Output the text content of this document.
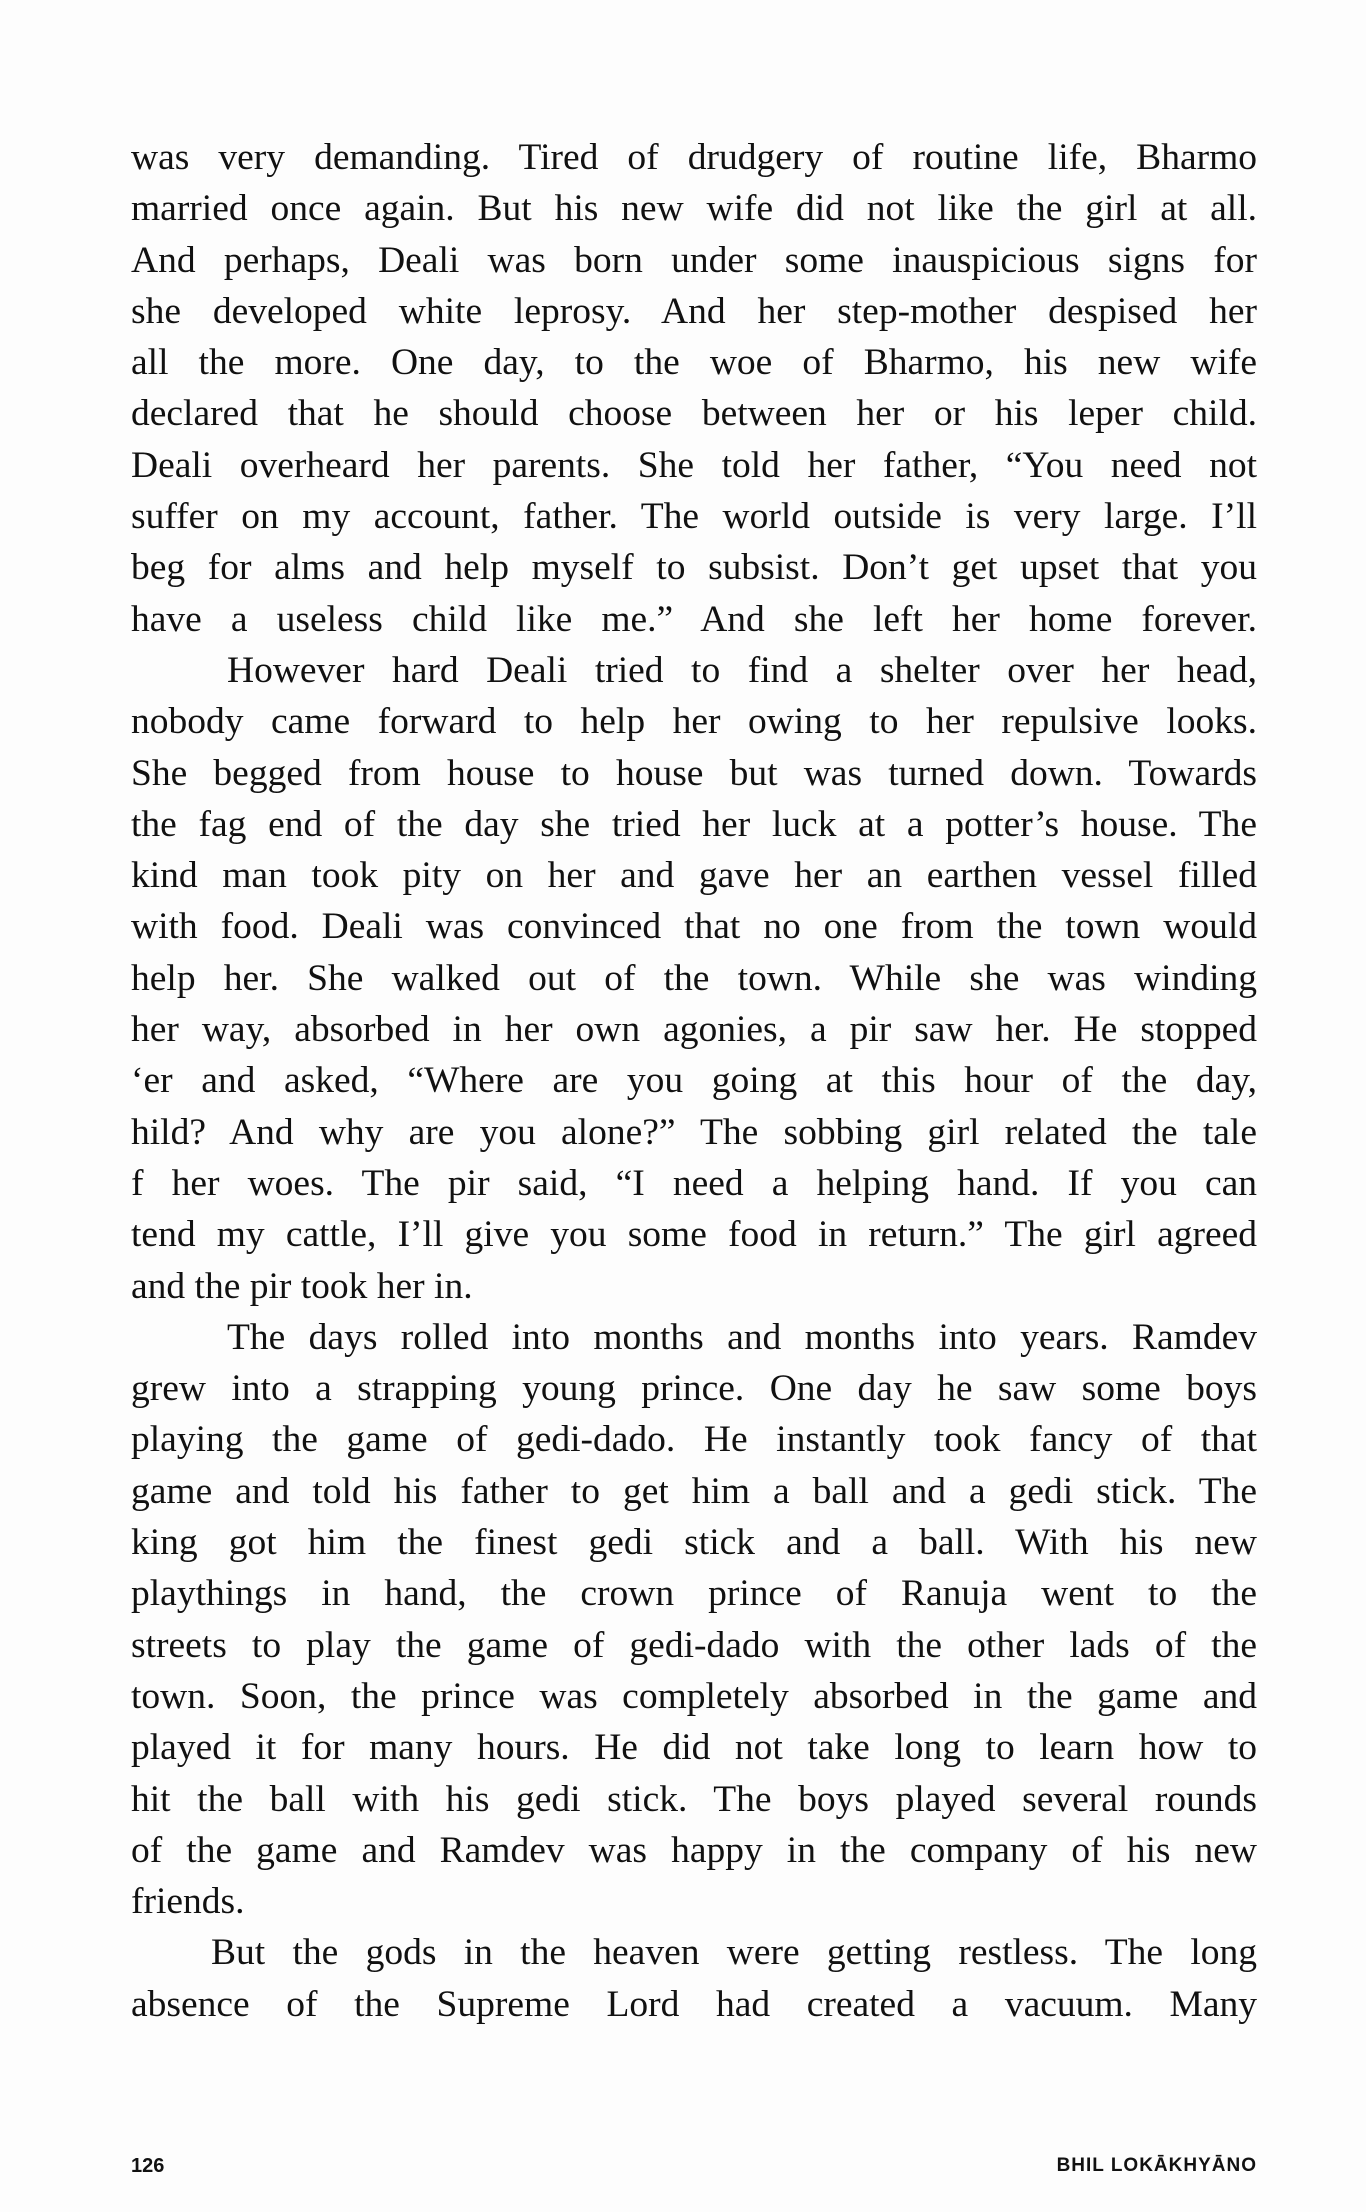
was very demanding. Tired of drudgery of routine life, Bharmo
married once again. But his new wife did not like the girl at all.
And perhaps, Deali was born under some inauspicious signs for
she developed white leprosy. And her step-mother despised her
all the more. One day, to the woe of Bharmo, his new wife
declared that he should choose between her or his leper child.
Deali overheard her parents. She told her father, “You need not
suffer on my account, father. The world outside is very large. I’ll
beg for alms and help myself to subsist. Don’t get upset that you
have a useless child like me.” And she left her home forever.
However hard Deali tried to find a shelter over her head,
nobody came forward to help her owing to her repulsive looks.
She begged from house to house but was turned down. Towards
the fag end of the day she tried her luck at a potter’s house. The
kind man took pity on her and gave her an earthen vessel filled
with food. Deali was convinced that no one from the town would
help her. She walked out of the town. While she was winding
her way, absorbed in her own agonies, a pir saw her. He stopped
ʻer and asked, “Where are you going at this hour of the day,
hild? And why are you alone?” The sobbing girl related the tale
f her woes. The pir said, “I need a helping hand. If you can
tend my cattle, I’ll give you some food in return.” The girl agreed
and the pir took her in.
The days rolled into months and months into years. Ramdev
grew into a strapping young prince. One day he saw some boys
playing the game of gedi-dado. He instantly took fancy of that
game and told his father to get him a ball and a gedi stick. The
king got him the finest gedi stick and a ball. With his new
playthings in hand, the crown prince of Ranuja went to the
streets to play the game of gedi-dado with the other lads of the
town. Soon, the prince was completely absorbed in the game and
played it for many hours. He did not take long to learn how to
hit the ball with his gedi stick. The boys played several rounds
of the game and Ramdev was happy in the company of his new
friends.
But the gods in the heaven were getting restless. The long
absence of the Supreme Lord had created a vacuum. Many
126	BHIL LOKĀKHYĀNO
